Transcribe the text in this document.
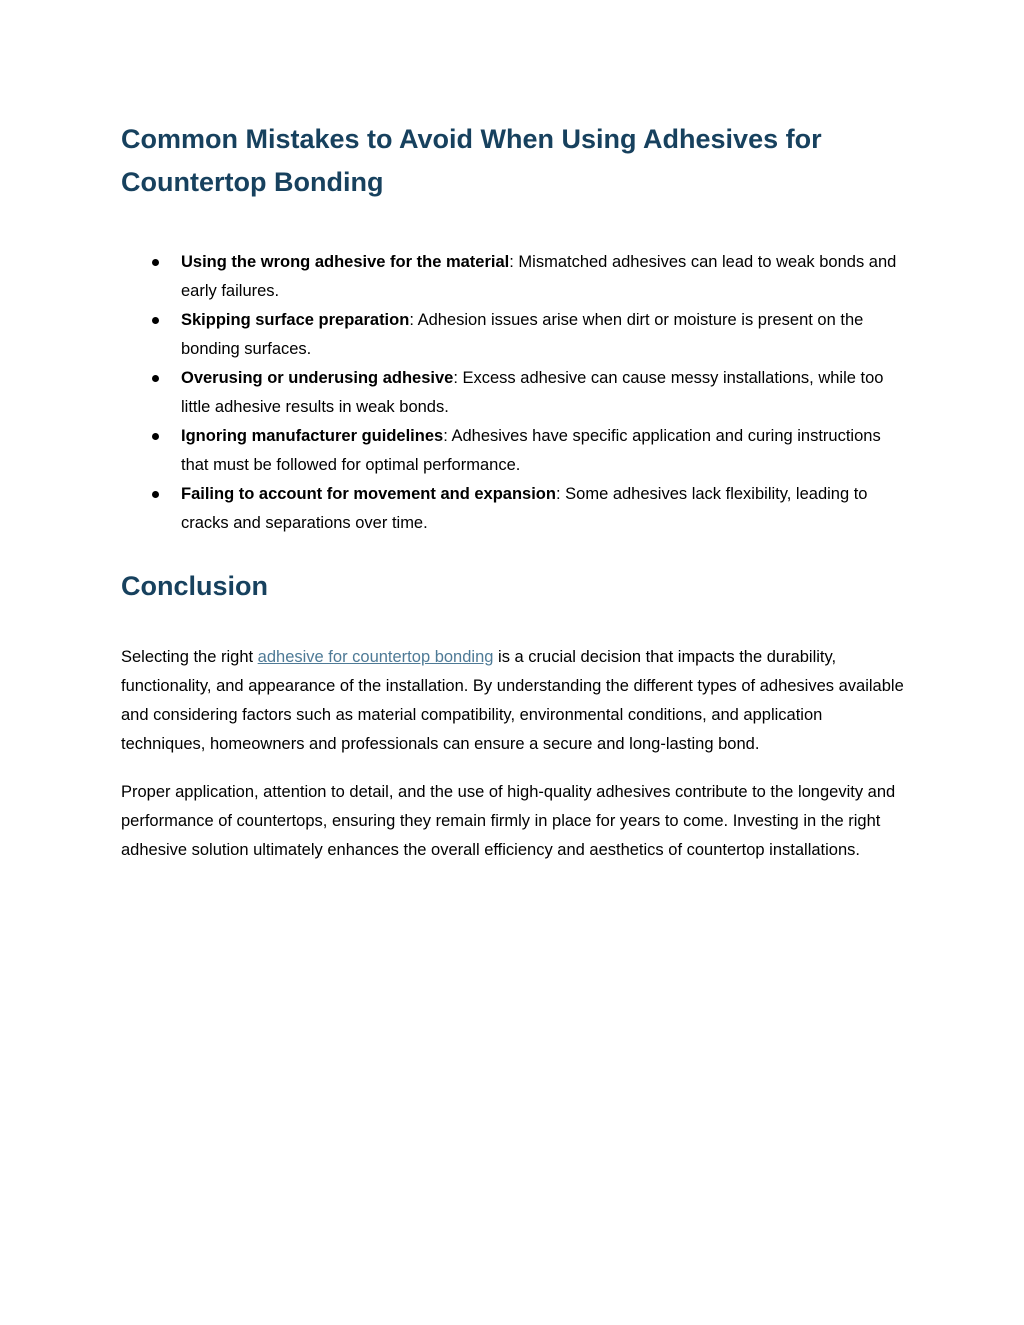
Common Mistakes to Avoid When Using Adhesives for Countertop Bonding
Using the wrong adhesive for the material: Mismatched adhesives can lead to weak bonds and early failures.
Skipping surface preparation: Adhesion issues arise when dirt or moisture is present on the bonding surfaces.
Overusing or underusing adhesive: Excess adhesive can cause messy installations, while too little adhesive results in weak bonds.
Ignoring manufacturer guidelines: Adhesives have specific application and curing instructions that must be followed for optimal performance.
Failing to account for movement and expansion: Some adhesives lack flexibility, leading to cracks and separations over time.
Conclusion

Selecting the right adhesive for countertop bonding is a crucial decision that impacts the durability, functionality, and appearance of the installation. By understanding the different types of adhesives available and considering factors such as material compatibility, environmental conditions, and application techniques, homeowners and professionals can ensure a secure and long-lasting bond.

Proper application, attention to detail, and the use of high-quality adhesives contribute to the longevity and performance of countertops, ensuring they remain firmly in place for years to come. Investing in the right adhesive solution ultimately enhances the overall efficiency and aesthetics of countertop installations.
